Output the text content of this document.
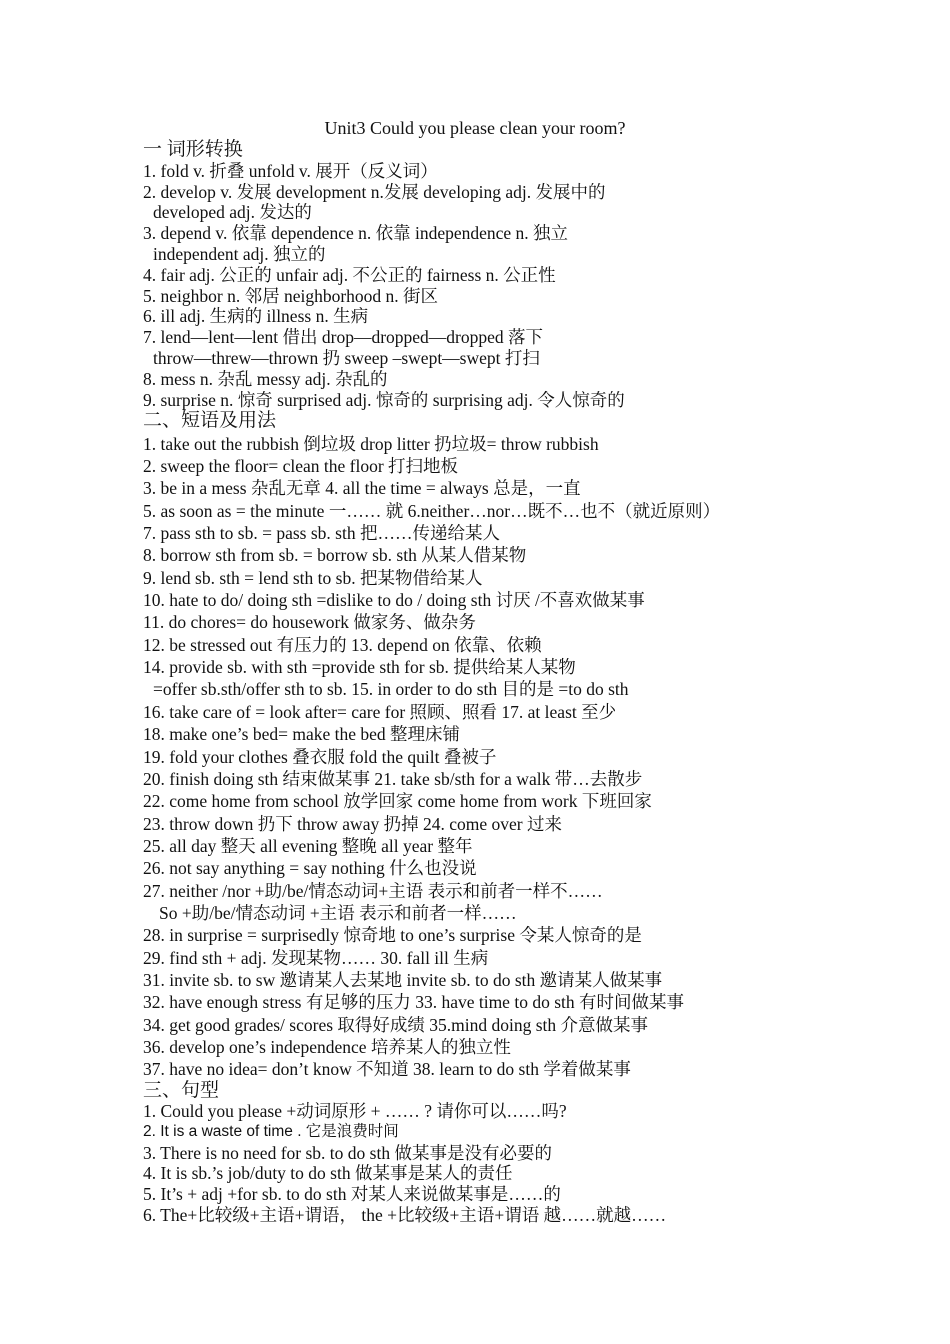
Unit3 Could you please clean your room?
一 词形转换
1. fold v. 折叠 unfold v. 展开（反义词）
2. develop v. 发展 development n.发展 developing adj. 发展中的
developed adj. 发达的
3. depend v. 依靠 dependence n. 依靠 independence n. 独立
independent adj. 独立的
4. fair adj. 公正的 unfair adj. 不公正的 fairness n. 公正性
5. neighbor n. 邻居 neighborhood n. 街区
6. ill adj. 生病的 illness n. 生病
7. lend—lent—lent 借出 drop—dropped—dropped 落下
throw—threw—thrown 扔 sweep –swept—swept 打扫
8. mess n. 杂乱 messy adj. 杂乱的
9. surprise n. 惊奇 surprised adj. 惊奇的 surprising adj. 令人惊奇的
二、短语及用法
1. take out the rubbish 倒垃圾 drop litter 扔垃圾= throw rubbish
2. sweep the floor= clean the floor 打扫地板
3. be in a mess 杂乱无章 4. all the time = always 总是，一直
5. as soon as = the minute 一…… 就 6.neither…nor…既不…也不（就近原则）
7. pass sth to sb. = pass sb. sth 把……传递给某人
8. borrow sth from sb. = borrow sb. sth 从某人借某物
9. lend sb. sth = lend sth to sb. 把某物借给某人
10. hate to do/ doing sth =dislike to do / doing sth 讨厌 /不喜欢做某事
11. do chores= do housework 做家务、做杂务
12. be stressed out 有压力的 13. depend on 依靠、依赖
14. provide sb. with sth =provide sth for sb. 提供给某人某物
=offer sb.sth/offer sth to sb. 15. in order to do sth 目的是 =to do sth
16. take care of = look after= care for 照顾、照看 17. at least 至少
18. make one’s bed= make the bed 整理床铺
19. fold your clothes 叠衣服 fold the quilt 叠被子
20. finish doing sth 结束做某事 21. take sb/sth for a walk 带…去散步
22. come home from school 放学回家 come home from work 下班回家
23. throw down 扔下 throw away 扔掉 24. come over 过来
25. all day 整天 all evening 整晚 all year 整年
26. not say anything = say nothing 什么也没说
27. neither /nor +助/be/情态动词+主语 表示和前者一样不……
So +助/be/情态动词 +主语 表示和前者一样……
28. in surprise = surprisedly 惊奇地 to one’s surprise 令某人惊奇的是
29. find sth + adj. 发现某物…… 30. fall ill 生病
31. invite sb. to sw 邀请某人去某地 invite sb. to do sth 邀请某人做某事
32. have enough stress 有足够的压力 33. have time to do sth 有时间做某事
34. get good grades/ scores 取得好成绩 35.mind doing sth 介意做某事
36. develop one’s independence 培养某人的独立性
37. have no idea= don’t know 不知道 38. learn to do sth 学着做某事
三、句型
1. Could you please +动词原形 + …… ? 请你可以……吗?
2. It is a waste of time . 它是浪费时间
3. There is no need for sb. to do sth 做某事是没有必要的
4. It is sb.’s job/duty to do sth 做某事是某人的责任
5. It’s + adj +for sb. to do sth 对某人来说做某事是……的
6. The+比较级+主语+谓语， the +比较级+主语+谓语 越……就越……
